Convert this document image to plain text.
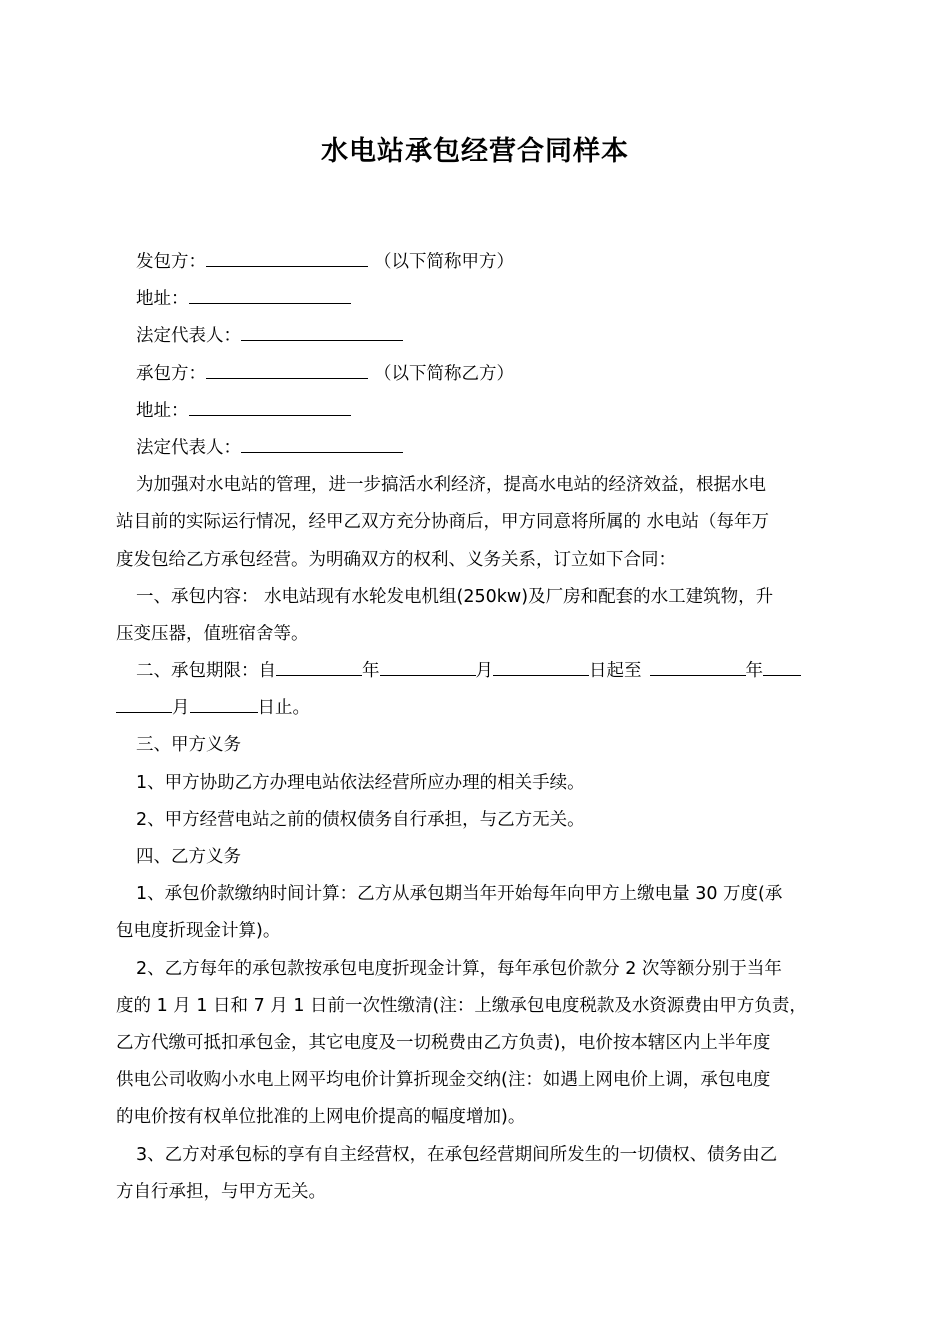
水电站承包经营合同样本
发包方：	（以下简称甲方）
地址：
法定代表人：
承包方：	（以下简称乙方）
地址：
法定代表人：
为加强对水电站的管理，进一步搞活水利经济，提高水电站的经济效益，根据水电
站目前的实际运行情况，经甲乙双方充分协商后，甲方同意将所属的 水电站（每年万
度发包给乙方承包经营。为明确双方的权利、义务关系，订立如下合同：
一、承包内容： 水电站现有水轮发电机组(250kw)及厂房和配套的水工建筑物，升
压变压器，值班宿舍等。
二、承包期限：自	年	月	日起至	年
月	日止。
三、甲方义务
1、甲方协助乙方办理电站依法经营所应办理的相关手续。
2、甲方经营电站之前的债权债务自行承担，与乙方无关。
四、乙方义务
1、承包价款缴纳时间计算：乙方从承包期当年开始每年向甲方上缴电量 30 万度(承
包电度折现金计算)。
2、乙方每年的承包款按承包电度折现金计算，每年承包价款分 2 次等额分别于当年
度的 1 月 1 日和 7 月 1 日前一次性缴清(注：上缴承包电度税款及水资源费由甲方负责，
乙方代缴可抵扣承包金，其它电度及一切税费由乙方负责)，电价按本辖区内上半年度
供电公司收购小水电上网平均电价计算折现金交纳(注：如遇上网电价上调，承包电度
的电价按有权单位批准的上网电价提高的幅度增加)。
3、乙方对承包标的享有自主经营权，在承包经营期间所发生的一切债权、债务由乙
方自行承担，与甲方无关。
